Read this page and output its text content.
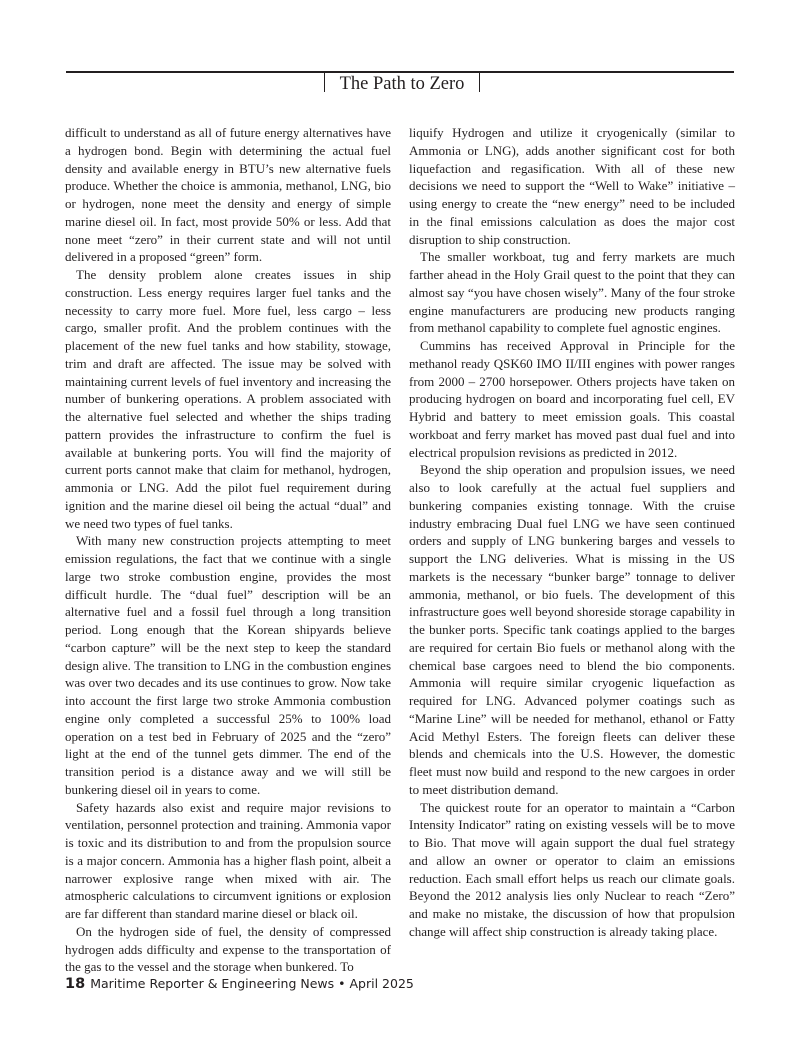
The Path to Zero

difficult to understand as all of future energy alternatives have a hydrogen bond. Begin with determining the actual fuel density and available energy in BTU’s new alternative fuels produce. Whether the choice is ammonia, methanol, LNG, bio or hydrogen, none meet the density and energy of simple marine diesel oil. In fact, most provide 50% or less. Add that none meet “zero” in their current state and will not until delivered in a proposed “green” form.

The density problem alone creates issues in ship construction. Less energy requires larger fuel tanks and the necessity to carry more fuel. More fuel, less cargo – less cargo, smaller profit. And the problem continues with the placement of the new fuel tanks and how stability, stowage, trim and draft are affected. The issue may be solved with maintaining current levels of fuel inventory and increasing the number of bunkering operations. A problem associated with the alternative fuel selected and whether the ships trading pattern provides the infrastructure to confirm the fuel is available at bunkering ports. You will find the majority of current ports cannot make that claim for methanol, hydrogen, ammonia or LNG. Add the pilot fuel requirement during ignition and the marine diesel oil being the actual “dual” and we need two types of fuel tanks.

With many new construction projects attempting to meet emission regulations, the fact that we continue with a single large two stroke combustion engine, provides the most difficult hurdle. The “dual fuel” description will be an alternative fuel and a fossil fuel through a long transition period. Long enough that the Korean shipyards believe “carbon capture” will be the next step to keep the standard design alive. The transition to LNG in the combustion engines was over two decades and its use continues to grow. Now take into account the first large two stroke Ammonia combustion engine only completed a successful 25% to 100% load operation on a test bed in February of 2025 and the “zero” light at the end of the tunnel gets dimmer. The end of the transition period is a distance away and we will still be bunkering diesel oil in years to come.

Safety hazards also exist and require major revisions to ventilation, personnel protection and training. Ammonia vapor is toxic and its distribution to and from the propulsion source is a major concern. Ammonia has a higher flash point, albeit a narrower explosive range when mixed with air. The atmospheric calculations to circumvent ignitions or explosion are far different than standard marine diesel or black oil.

On the hydrogen side of fuel, the density of compressed hydrogen adds difficulty and expense to the transportation of the gas to the vessel and the storage when bunkered. To

liquify Hydrogen and utilize it cryogenically (similar to Ammonia or LNG), adds another significant cost for both liquefaction and regasification. With all of these new decisions we need to support the “Well to Wake” initiative – using energy to create the “new energy” need to be included in the final emissions calculation as does the major cost disruption to ship construction.

The smaller workboat, tug and ferry markets are much farther ahead in the Holy Grail quest to the point that they can almost say “you have chosen wisely”. Many of the four stroke engine manufacturers are producing new products ranging from methanol capability to complete fuel agnostic engines.

Cummins has received Approval in Principle for the methanol ready QSK60 IMO II/III engines with power ranges from 2000 – 2700 horsepower. Others projects have taken on producing hydrogen on board and incorporating fuel cell, EV Hybrid and battery to meet emission goals. This coastal workboat and ferry market has moved past dual fuel and into electrical propulsion revisions as predicted in 2012.

Beyond the ship operation and propulsion issues, we need also to look carefully at the actual fuel suppliers and bunkering companies existing tonnage. With the cruise industry embracing Dual fuel LNG we have seen continued orders and supply of LNG bunkering barges and vessels to support the LNG deliveries. What is missing in the US markets is the necessary “bunker barge” tonnage to deliver ammonia, methanol, or bio fuels. The development of this infrastructure goes well beyond shoreside storage capability in the bunker ports. Specific tank coatings applied to the barges are required for certain Bio fuels or methanol along with the chemical base cargoes need to blend the bio components. Ammonia will require similar cryogenic liquefaction as required for LNG. Advanced polymer coatings such as “Marine Line” will be needed for methanol, ethanol or Fatty Acid Methyl Esters. The foreign fleets can deliver these blends and chemicals into the U.S. However, the domestic fleet must now build and respond to the new cargoes in order to meet distribution demand.

The quickest route for an operator to maintain a “Carbon Intensity Indicator” rating on existing vessels will be to move to Bio. That move will again support the dual fuel strategy and allow an owner or operator to claim an emissions reduction. Each small effort helps us reach our climate goals. Beyond the 2012 analysis lies only Nuclear to reach “Zero” and make no mistake, the discussion of how that propulsion change will affect ship construction is already taking place.

18 Maritime Reporter & Engineering News • April 2025
